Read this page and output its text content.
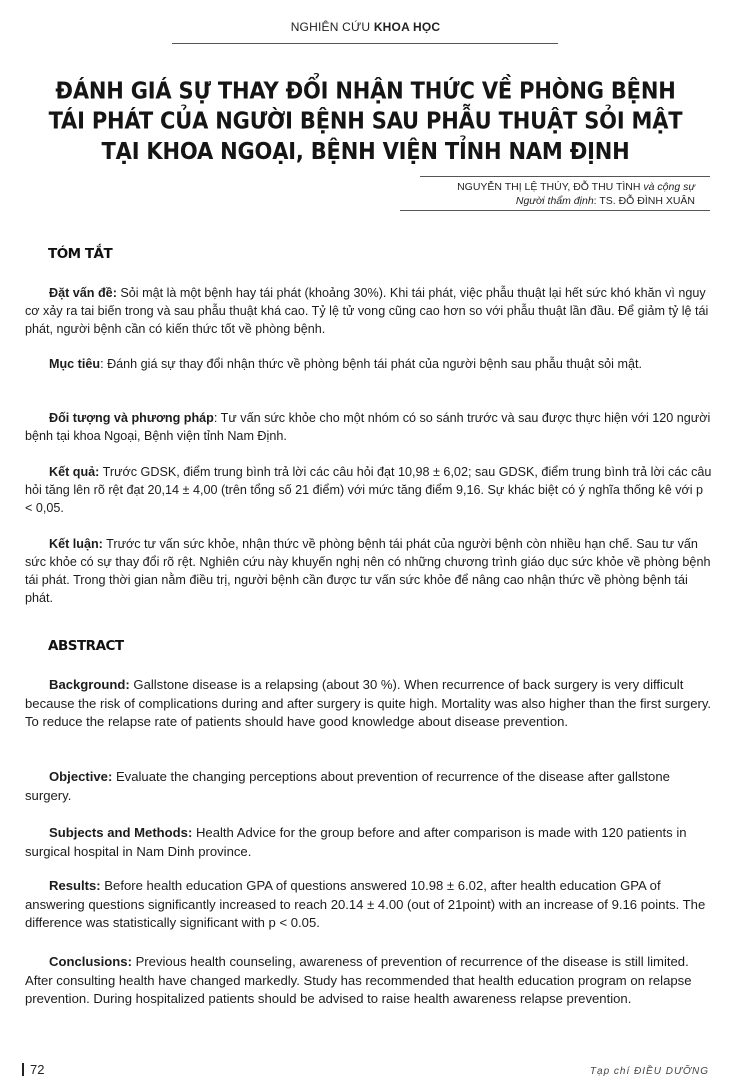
NGHIÊN CỨU KHOA HỌC
ĐÁNH GIÁ SỰ THAY ĐỔI NHẬN THỨC VỀ PHÒNG BỆNH TÁI PHÁT CỦA NGƯỜI BỆNH SAU PHẪU THUẬT SỎI MẬT TẠI KHOA NGOẠI, BỆNH VIỆN TỈNH NAM ĐỊNH
NGUYỄN THỊ LỆ THÚY, ĐỖ THU TÌNH và cộng sự
Người thẩm định: TS. ĐỖ ĐÌNH XUÂN
TÓM TẮT

Đặt vấn đề: Sỏi mật là một bệnh hay tái phát (khoảng 30%). Khi tái phát, việc phẫu thuật lại hết sức khó khăn vì nguy cơ xảy ra tai biến trong và sau phẫu thuật khá cao. Tỷ lệ tử vong cũng cao hơn so với phẫu thuật lần đầu. Để giảm tỷ lệ tái phát, người bệnh cần có kiến thức tốt về phòng bệnh.

Mục tiêu: Đánh giá sự thay đổi nhận thức về phòng bệnh tái phát của người bệnh sau phẫu thuật sỏi mật.

Đối tượng và phương pháp: Tư vấn sức khỏe cho một nhóm có so sánh trước và sau được thực hiện với 120 người bệnh tại khoa Ngoại, Bệnh viện tỉnh Nam Định.

Kết quả: Trước GDSK, điểm trung bình trả lời các câu hỏi đạt 10,98 ± 6,02; sau GDSK, điểm trung bình trả lời các câu hỏi tăng lên rõ rệt đạt 20,14 ± 4,00 (trên tổng số 21 điểm) với mức tăng điểm 9,16. Sự khác biệt có ý nghĩa thống kê với p < 0,05.

Kết luận: Trước tư vấn sức khỏe, nhận thức về phòng bệnh tái phát của người bệnh còn nhiều hạn chế. Sau tư vấn sức khỏe có sự thay đổi rõ rệt. Nghiên cứu này khuyến nghị nên có những chương trình giáo dục sức khỏe về phòng bệnh tái phát. Trong thời gian nằm điều trị, người bệnh cần được tư vấn sức khỏe để nâng cao nhận thức về phòng bệnh tái phát.

ABSTRACT

Background: Gallstone disease is a relapsing (about 30 %). When recurrence of back surgery is very difficult because the risk of complications during and after surgery is quite high. Mortality was also higher than the first surgery. To reduce the relapse rate of patients should have good knowledge about disease prevention.

Objective: Evaluate the changing perceptions about prevention of recurrence of the disease after gallstone surgery.

Subjects and Methods: Health Advice for the group before and after comparison is made with 120 patients in surgical hospital in Nam Dinh province.

Results: Before health education GPA of questions answered 10.98 ± 6.02, after health education GPA of answering questions significantly increased to reach 20.14 ± 4.00 (out of 21point) with an increase of 9.16 points. The difference was statistically significant with p < 0.05.

Conclusions: Previous health counseling, awareness of prevention of recurrence of the disease is still limited. After consulting health have changed markedly. Study has recommended that health education program on relapse prevention. During hospitalized patients should be advised to raise health awareness relapse prevention.

72	Tạp chí ĐIỀU DƯỠNG
